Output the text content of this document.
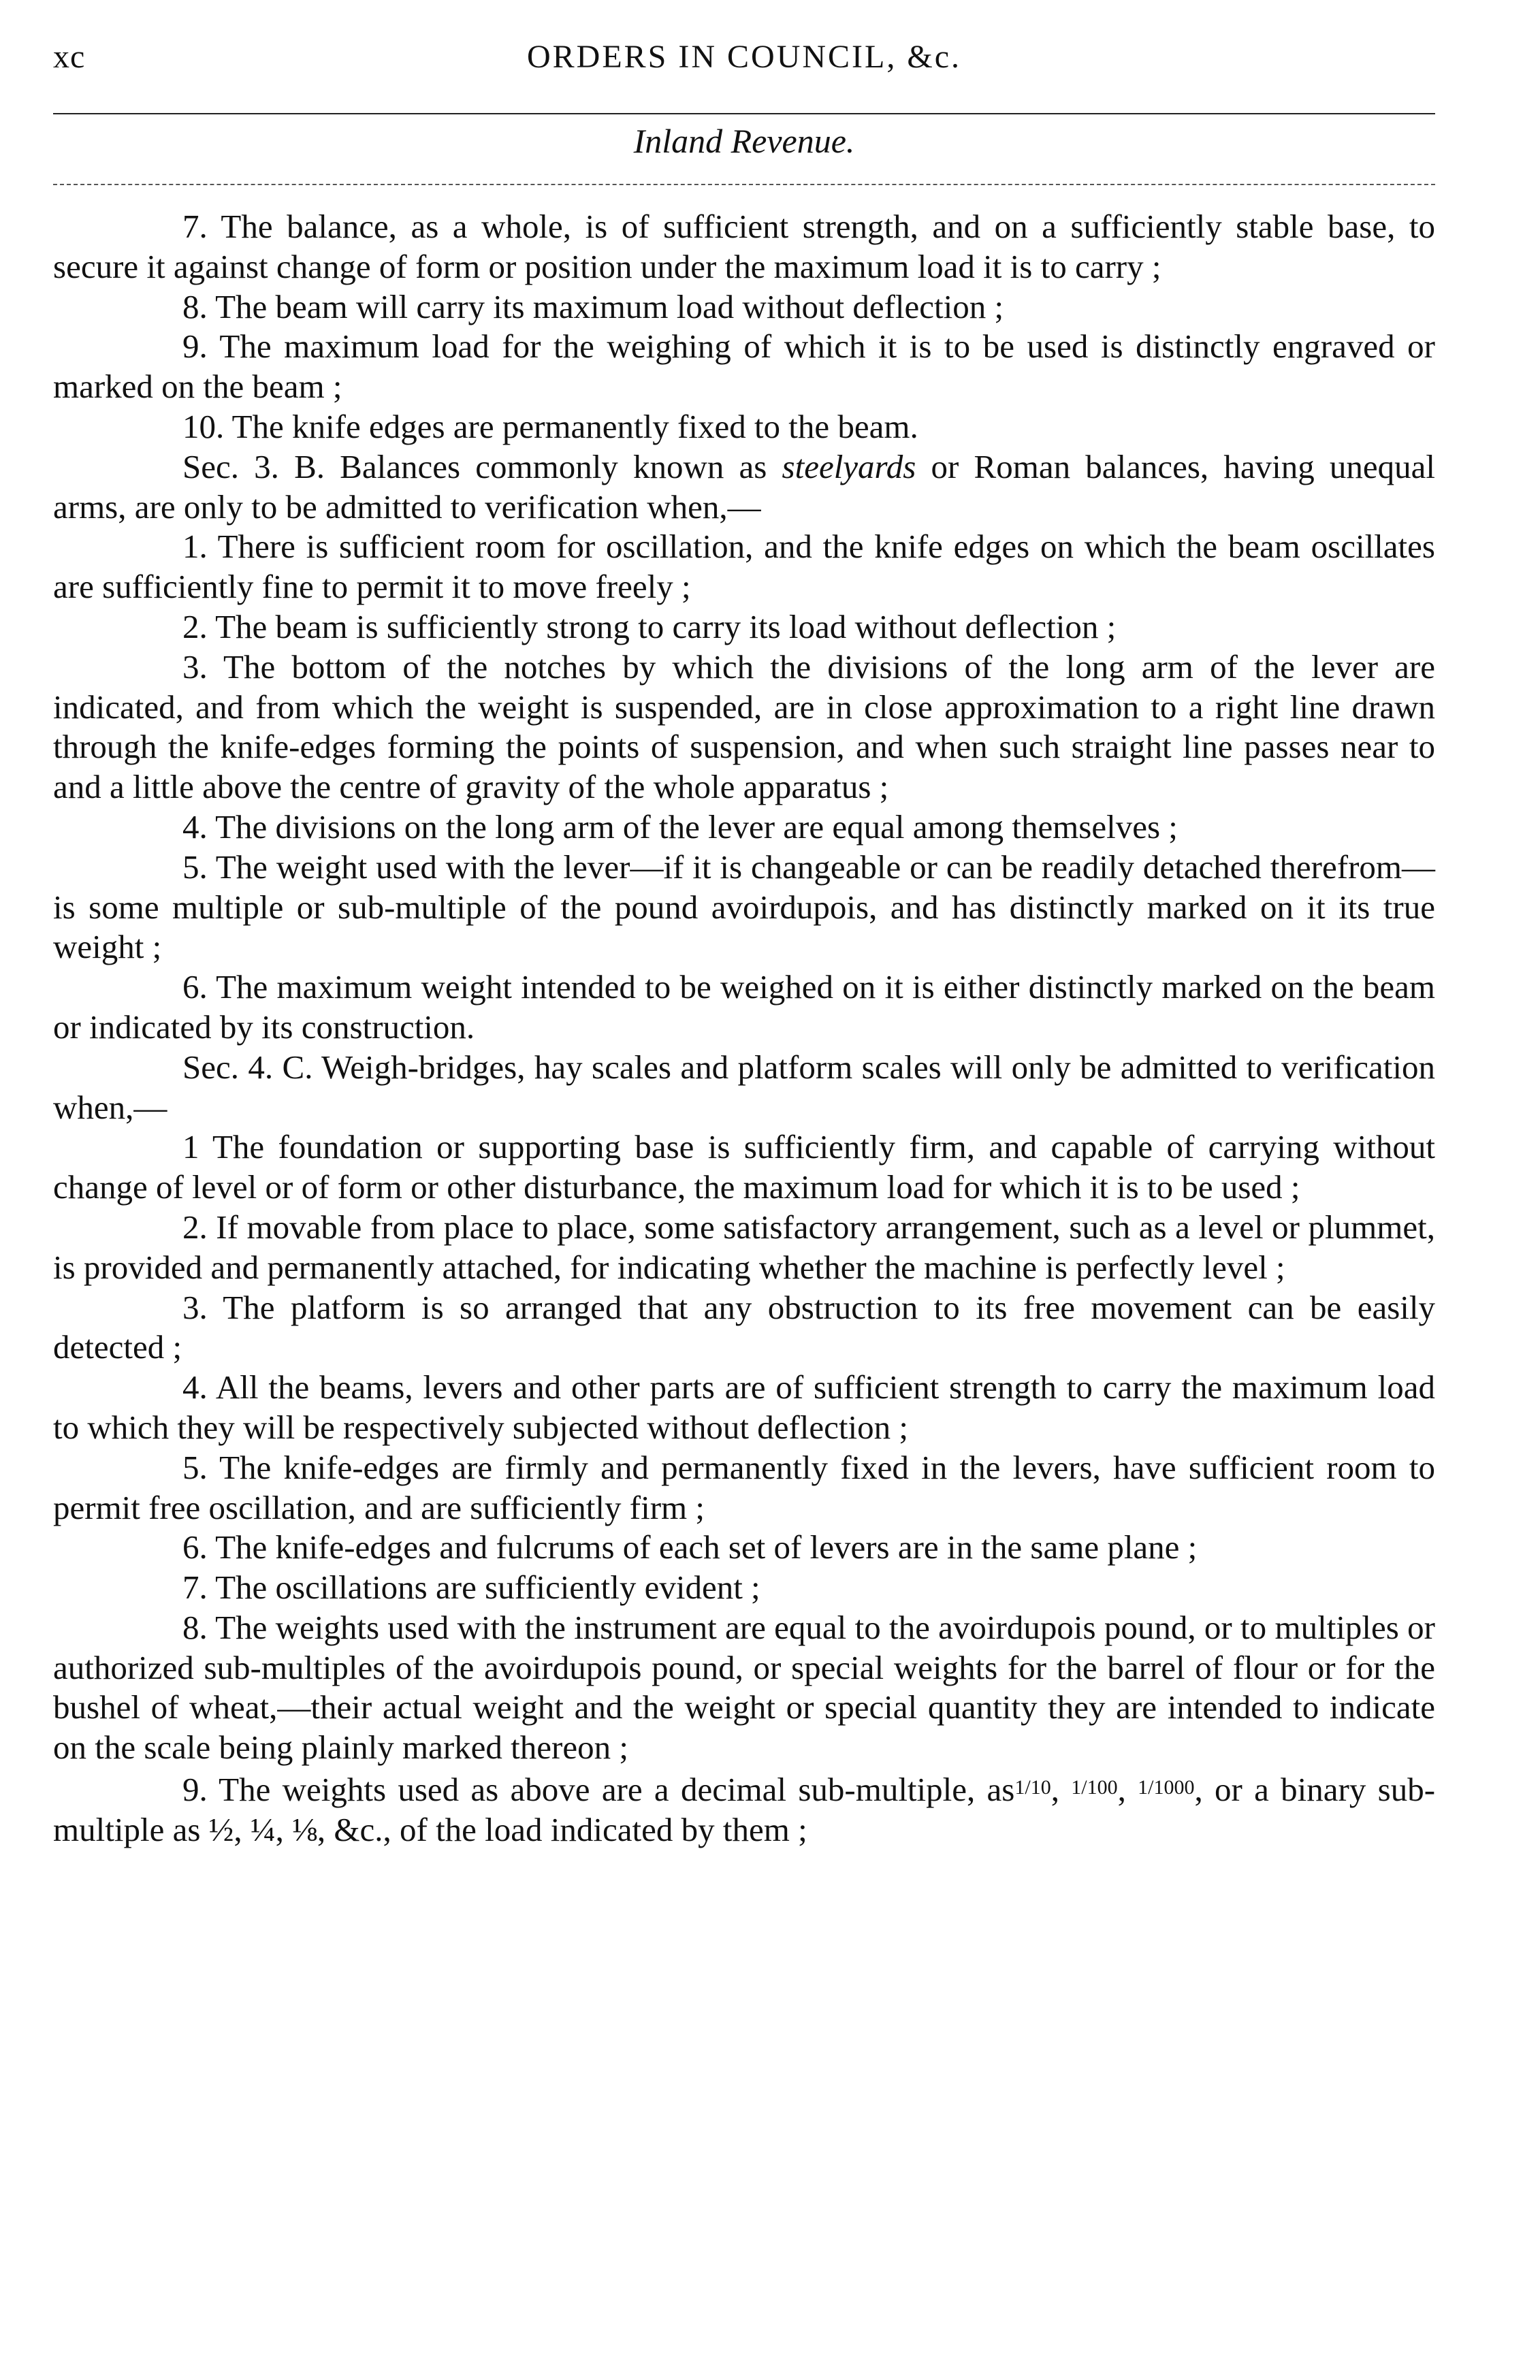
xc	ORDERS IN COUNCIL, &c.
Inland Revenue.

7. The balance, as a whole, is of sufficient strength, and on a sufficiently stable base, to secure it against change of form or position under the maximum load it is to carry ;

8. The beam will carry its maximum load without deflection ;

9. The maximum load for the weighing of which it is to be used is distinctly engraved or marked on the beam ;

10. The knife edges are permanently fixed to the beam.

Sec. 3. B. Balances commonly known as steelyards or Roman balances, having unequal arms, are only to be admitted to verification when,—

1. There is sufficient room for oscillation, and the knife edges on which the beam oscillates are sufficiently fine to permit it to move freely ;

2. The beam is sufficiently strong to carry its load without deflection ;

3. The bottom of the notches by which the divisions of the long arm of the lever are indicated, and from which the weight is suspended, are in close approximation to a right line drawn through the knife-edges forming the points of suspension, and when such straight line passes near to and a little above the centre of gravity of the whole apparatus ;

4. The divisions on the long arm of the lever are equal among themselves ;

5. The weight used with the lever—if it is changeable or can be readily detached therefrom—is some multiple or sub-multiple of the pound avoirdupois, and has distinctly marked on it its true weight ;

6. The maximum weight intended to be weighed on it is either distinctly marked on the beam or indicated by its construction.

Sec. 4. C. Weigh-bridges, hay scales and platform scales will only be admitted to verification when,—

1 The foundation or supporting base is sufficiently firm, and capable of carrying without change of level or of form or other disturbance, the maximum load for which it is to be used ;

2. If movable from place to place, some satisfactory arrangement, such as a level or plummet, is provided and permanently attached, for indicating whether the machine is perfectly level ;

3. The platform is so arranged that any obstruction to its free movement can be easily detected ;

4. All the beams, levers and other parts are of sufficient strength to carry the maximum load to which they will be respectively subjected without deflection ;

5. The knife-edges are firmly and permanently fixed in the levers, have sufficient room to permit free oscillation, and are sufficiently firm ;

6. The knife-edges and fulcrums of each set of levers are in the same plane ;

7. The oscillations are sufficiently evident ;

8. The weights used with the instrument are equal to the avoirdupois pound, or to multiples or authorized sub-multiples of the avoirdupois pound, or special weights for the barrel of flour or for the bushel of wheat,—their actual weight and the weight or special quantity they are intended to indicate on the scale being plainly marked thereon ;

9. The weights used as above are a decimal sub-multiple, $as^{1/10}$, $^{1/100}$, $^{1/1000}$, or a binary sub-multiple as ½, ¼, ⅛, &c., of the load indicated by them ;
